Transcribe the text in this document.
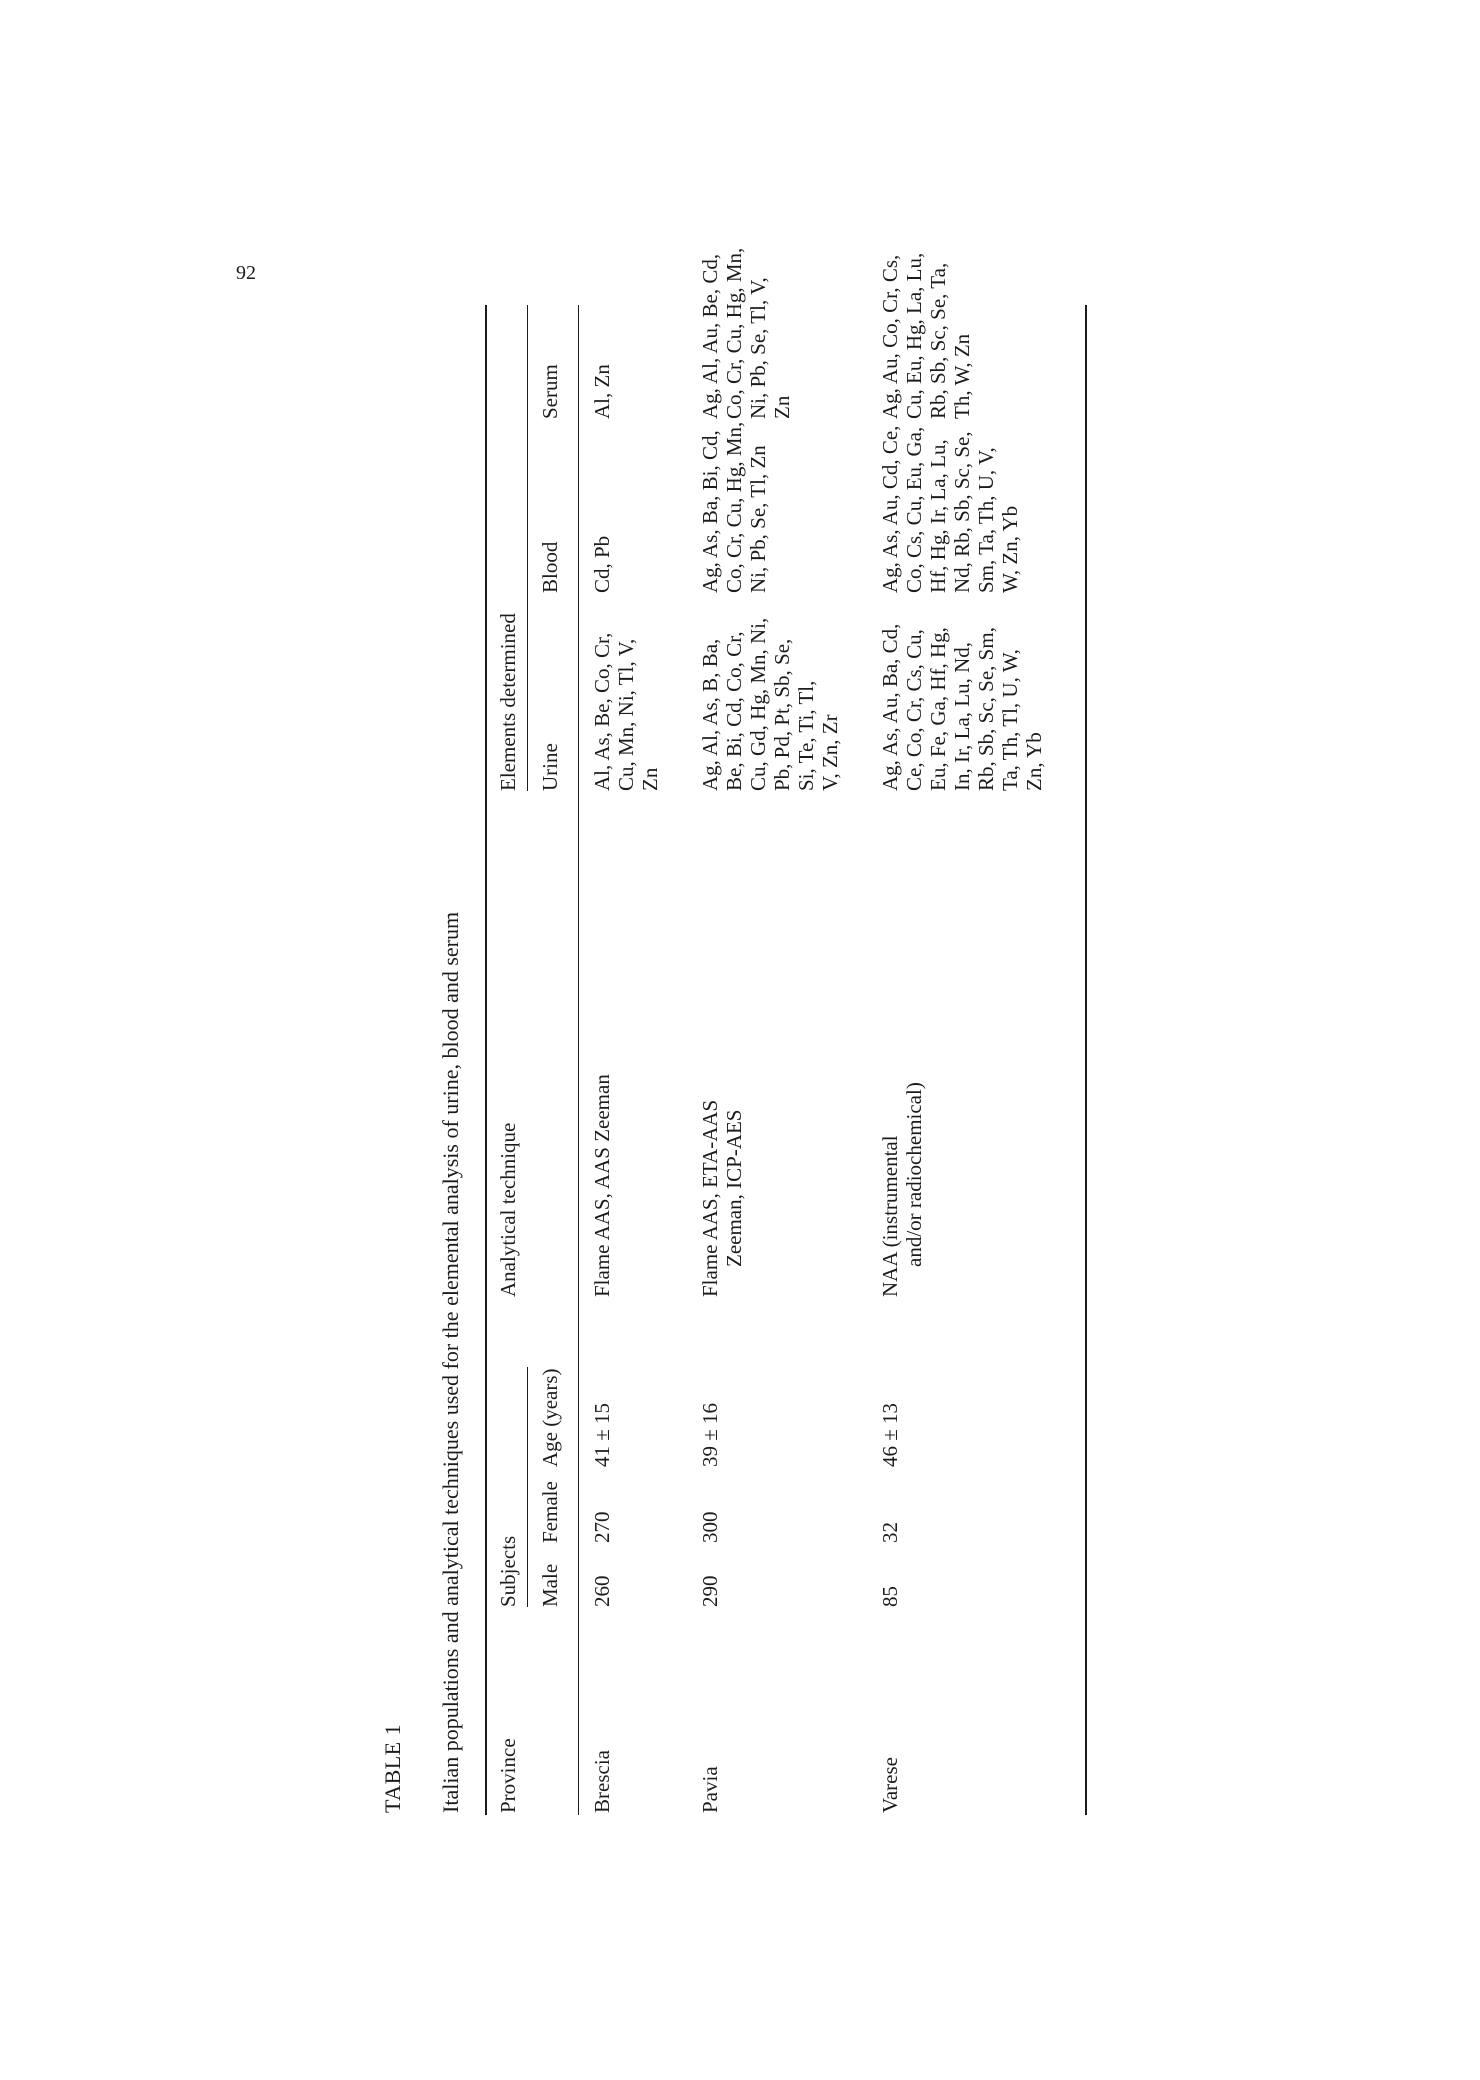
92
TABLE 1 Italian populations and analytical techniques used for the elemental analysis of urine, blood and serum Province
Subjects
Analytical technique
Elements determined
Male
Female
Age (years)
Urine
Blood
Serum
Brescia
260
270
41 ± 15
Flame AAS, AAS Zeeman
Al, As, Be, Co, Cr, Cu, Mn, Ni, Tl, V, Zn
Cd, Pb
Al, Zn
Pavia
290
300
39 ± 16
Flame AAS, ETA-AAS Zeeman, ICP-AES
Ag, Al, As, B, Ba, Be, Bi, Cd, Co, Cr, Cu, Gd, Hg, Mn, Ni, Pb, Pd, Pt, Sb, Se, Si, Te, Ti, Tl, V, Zn, Zr
Ag, As, Ba, Bi, Cd, Co, Cr, Cu, Hg, Mn, Ni, Pb, Se, Tl, Zn
Ag, Al, Au, Be, Cd, Co, Cr, Cu, Hg, Mn, Ni, Pb, Se, Tl, V, Zn
Varese
85
32
46 ± 13
NAA (instrumental and/or radiochemical)
Ag, As, Au, Ba, Cd, Ce, Co, Cr, Cs, Cu, Eu, Fe, Ga, Hf, Hg, In, Ir, La, Lu, Nd, Rb, Sb, Sc, Se, Sm, Ta, Th, Tl, U, W, Zn, Yb
Ag, As, Au, Cd, Ce, Co, Cs, Cu, Eu, Ga, Hf, Hg, Ir, La, Lu, Nd, Rb, Sb, Sc, Se, Sm, Ta, Th, U, V, W, Zn, Yb
Ag, Au, Co, Cr, Cs, Cu, Eu, Hg, La, Lu, Rb, Sb, Sc, Se, Ta, Th, W, Zn
